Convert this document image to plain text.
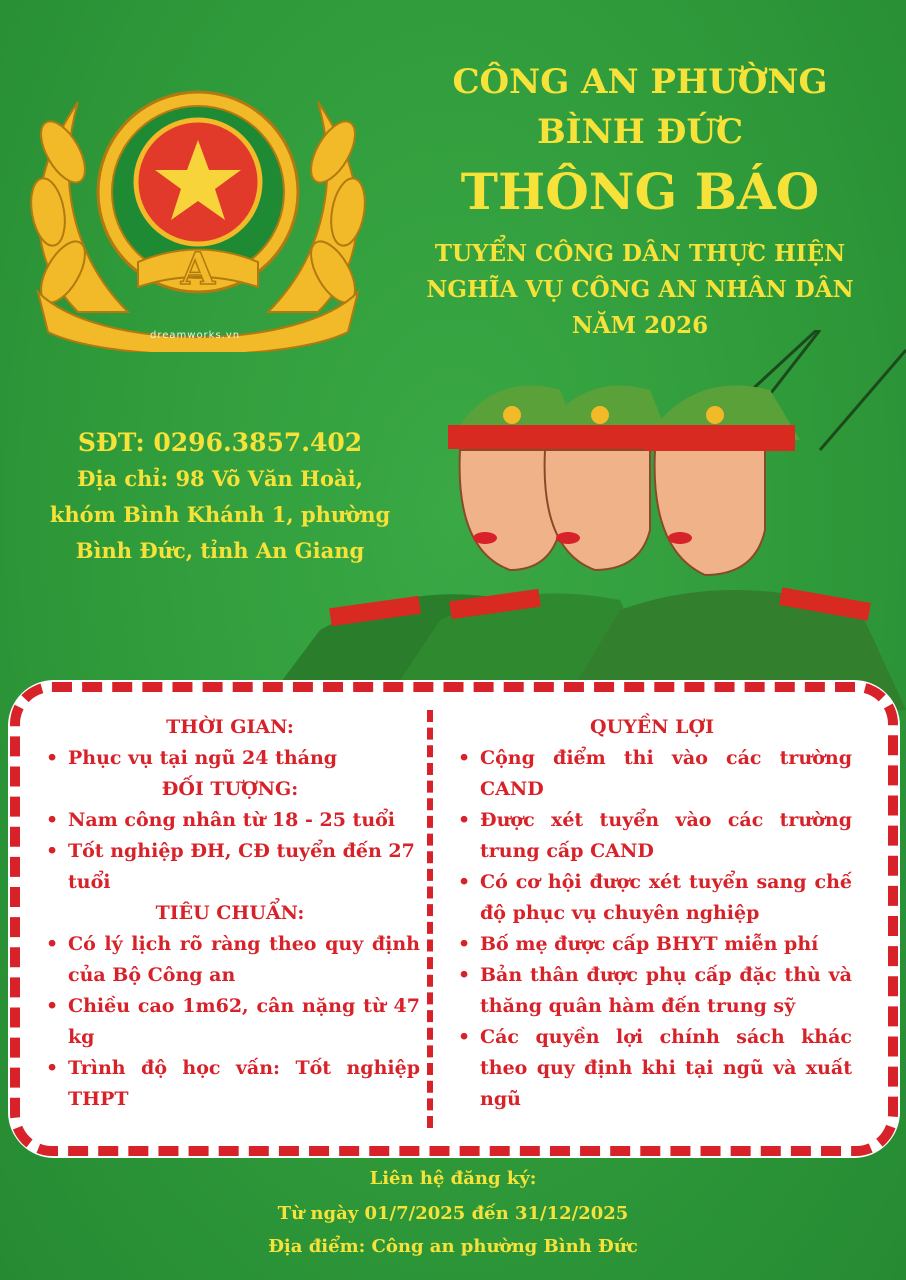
A
dreamworks.vn
CÔNG AN PHƯỜNG
BÌNH ĐỨC
THÔNG BÁO
TUYỂN CÔNG DÂN THỰC HIỆN
NGHĨA VỤ CÔNG AN NHÂN DÂN
NĂM 2026
SĐT: 0296.3857.402
Địa chỉ: 98 Võ Văn Hoài,
khóm Bình Khánh 1, phường
Bình Đức, tỉnh An Giang
THỜI GIAN:
• Phục vụ tại ngũ 24 tháng
ĐỐI TƯỢNG:
• Nam công nhân từ 18 - 25 tuổi
• Tốt nghiệp ĐH, CĐ tuyển đến 27 tuổi
TIÊU CHUẨN:
• Có lý lịch rõ ràng theo quy định của Bộ Công an
• Chiều cao 1m62, cân nặng từ 47 kg
• Trình độ học vấn: Tốt nghiệp THPT
QUYỀN LỢI
• Cộng điểm thi vào các trường CAND
• Được xét tuyển vào các trường trung cấp CAND
• Có cơ hội được xét tuyển sang chế độ phục vụ chuyên nghiệp
• Bố mẹ được cấp BHYT miễn phí
• Bản thân được phụ cấp đặc thù và thăng quân hàm đến trung sỹ
• Các quyền lợi chính sách khác theo quy định khi tại ngũ và xuất ngũ
Liên hệ đăng ký:
Từ ngày 01/7/2025 đến 31/12/2025
Địa điểm: Công an phường Bình Đức
